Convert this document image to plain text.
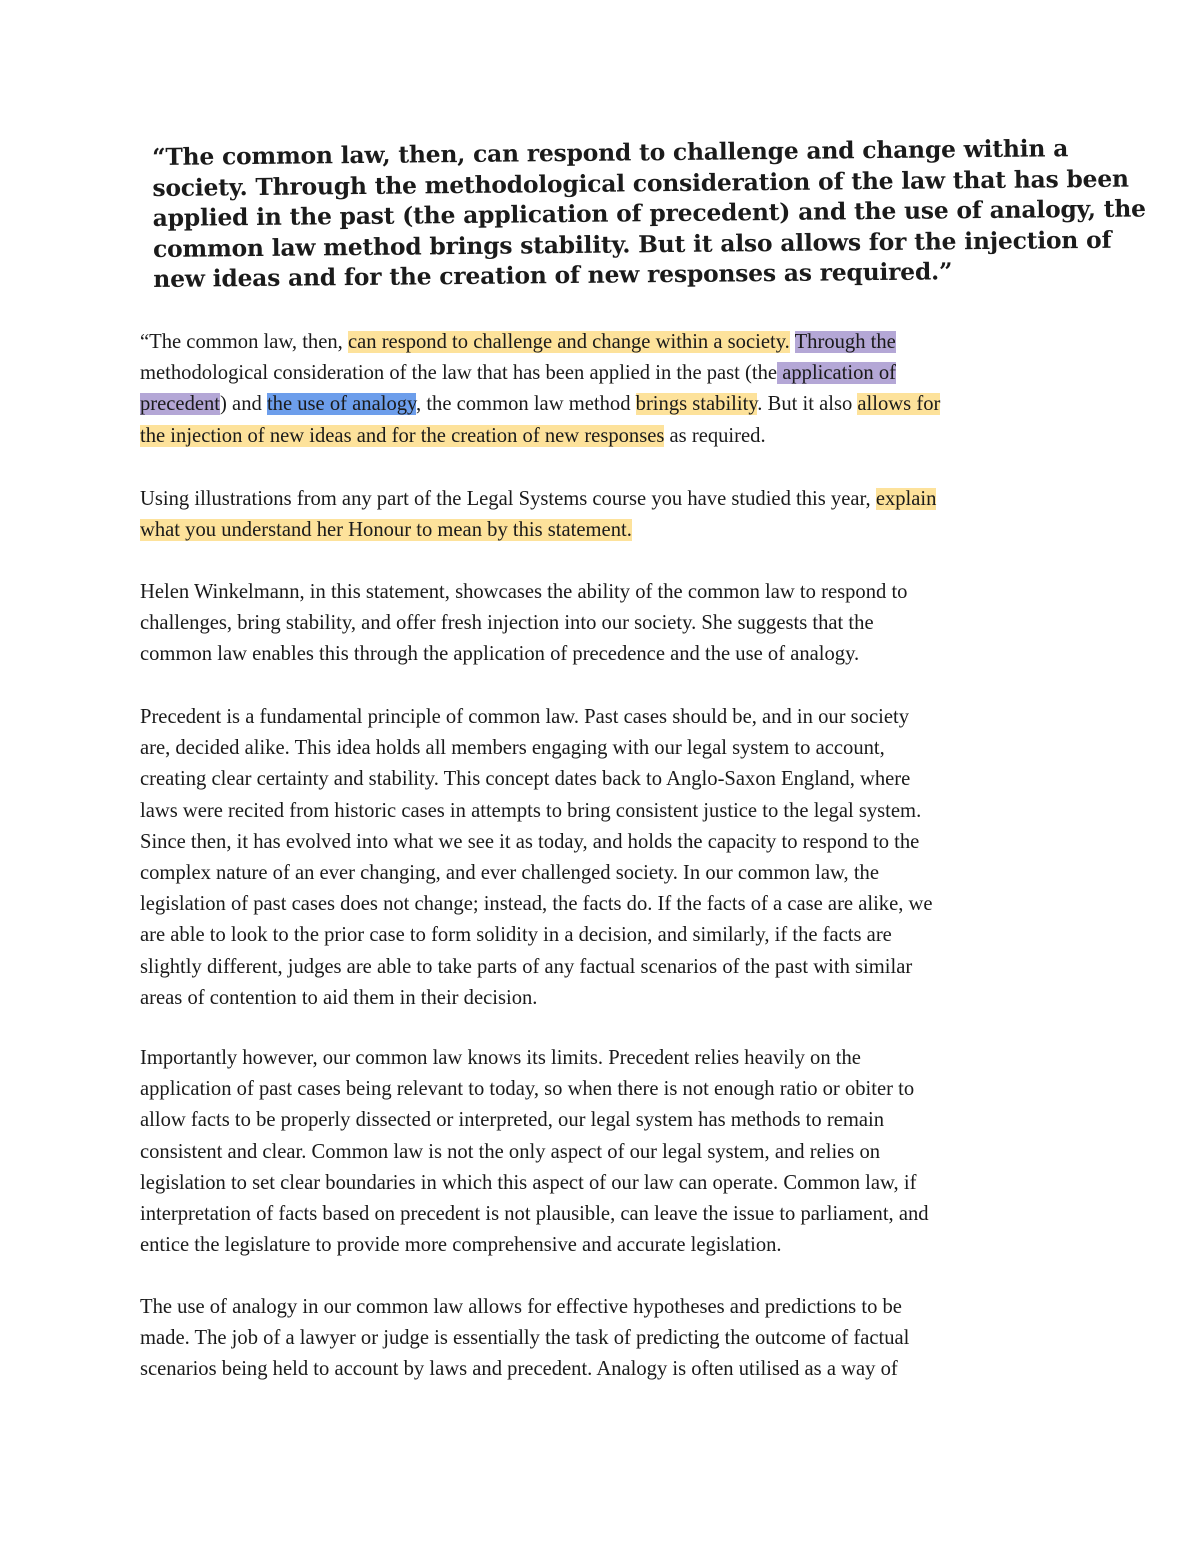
“The common law, then, can respond to challenge and change within a
society. Through the methodological consideration of the law that has been
applied in the past (the application of precedent) and the use of analogy, the
common law method brings stability. But it also allows for the injection of
new ideas and for the creation of new responses as required.”
“The common law, then, can respond to challenge and change within a society. Through the
methodological consideration of the law that has been applied in the past (the application of
precedent) and the use of analogy, the common law method brings stability. But it also allows for
the injection of new ideas and for the creation of new responses as required.
Using illustrations from any part of the Legal Systems course you have studied this year, explain
what you understand her Honour to mean by this statement.
Helen Winkelmann, in this statement, showcases the ability of the common law to respond to
challenges, bring stability, and offer fresh injection into our society. She suggests that the
common law enables this through the application of precedence and the use of analogy.
Precedent is a fundamental principle of common law. Past cases should be, and in our society
are, decided alike. This idea holds all members engaging with our legal system to account,
creating clear certainty and stability. This concept dates back to Anglo-Saxon England, where
laws were recited from historic cases in attempts to bring consistent justice to the legal system.
Since then, it has evolved into what we see it as today, and holds the capacity to respond to the
complex nature of an ever changing, and ever challenged society. In our common law, the
legislation of past cases does not change; instead, the facts do. If the facts of a case are alike, we
are able to look to the prior case to form solidity in a decision, and similarly, if the facts are
slightly different, judges are able to take parts of any factual scenarios of the past with similar
areas of contention to aid them in their decision.
Importantly however, our common law knows its limits. Precedent relies heavily on the
application of past cases being relevant to today, so when there is not enough ratio or obiter to
allow facts to be properly dissected or interpreted, our legal system has methods to remain
consistent and clear. Common law is not the only aspect of our legal system, and relies on
legislation to set clear boundaries in which this aspect of our law can operate. Common law, if
interpretation of facts based on precedent is not plausible, can leave the issue to parliament, and
entice the legislature to provide more comprehensive and accurate legislation.
The use of analogy in our common law allows for effective hypotheses and predictions to be
made. The job of a lawyer or judge is essentially the task of predicting the outcome of factual
scenarios being held to account by laws and precedent. Analogy is often utilised as a way of
